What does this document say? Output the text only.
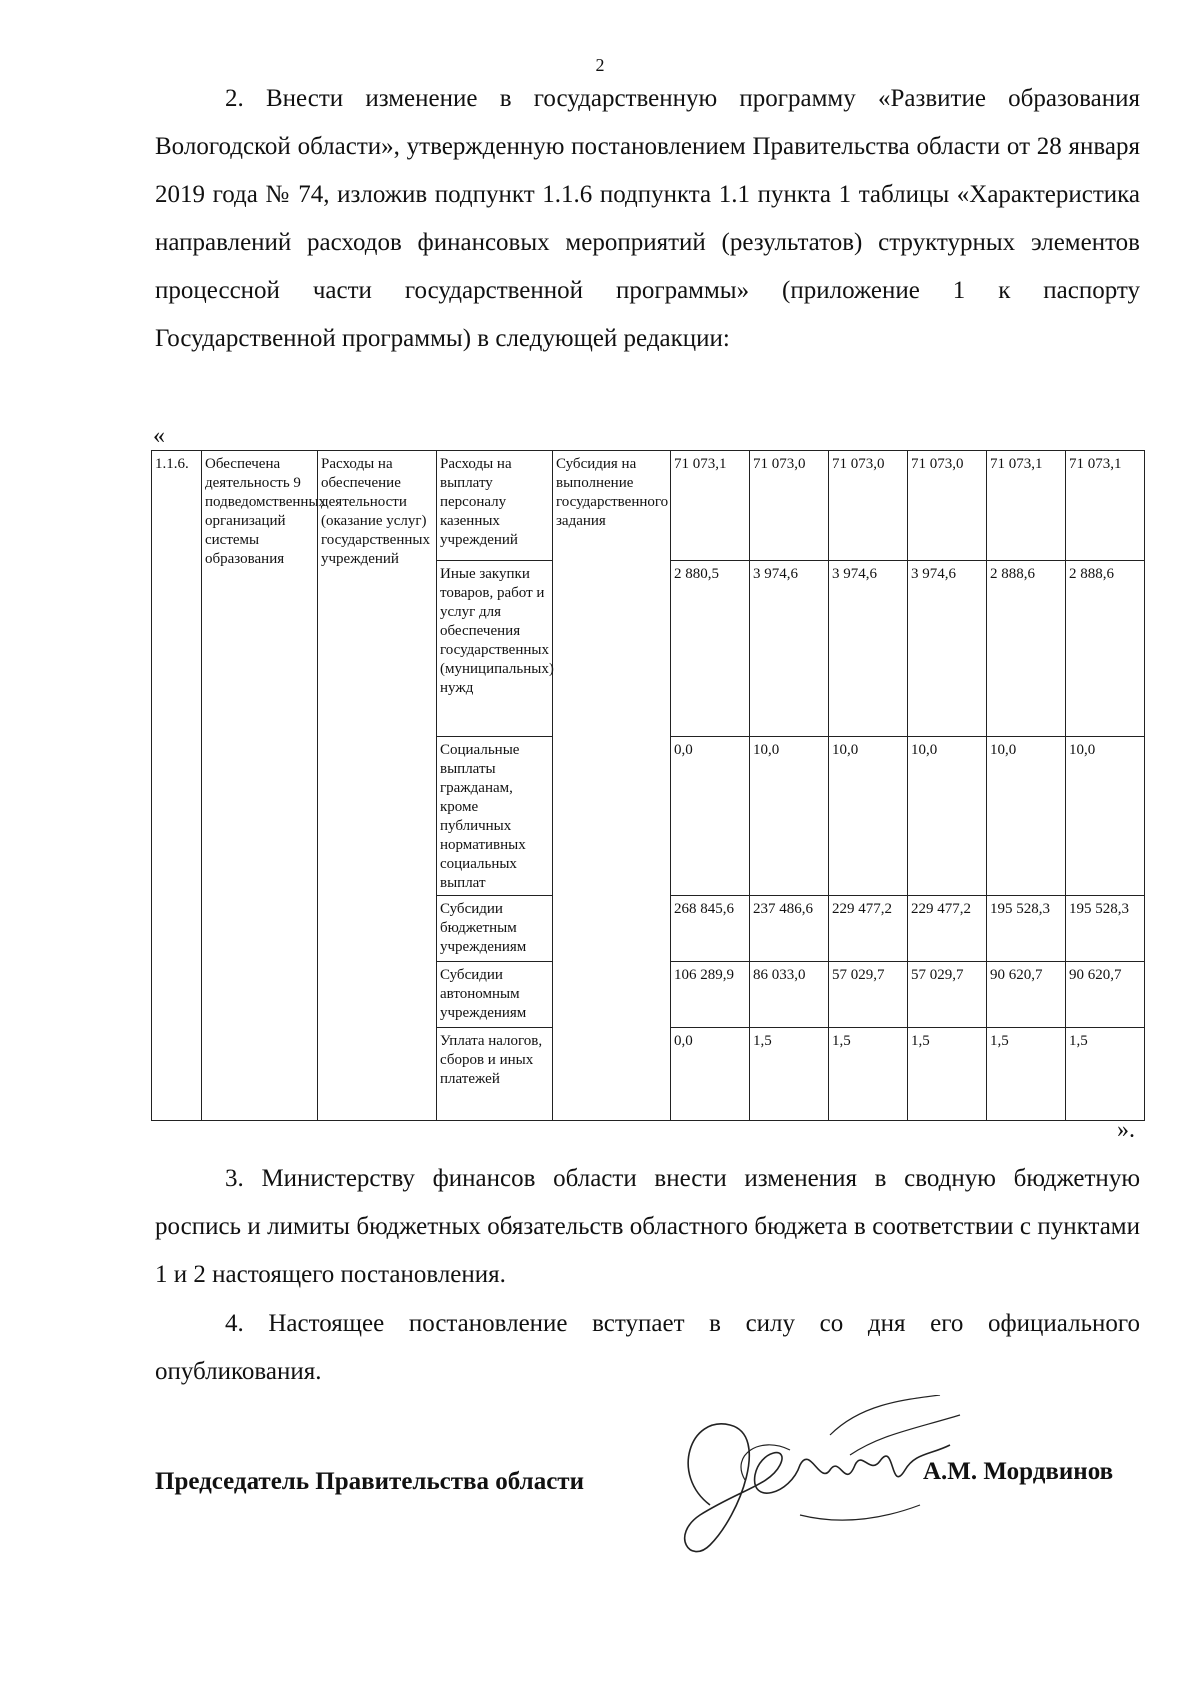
2

2. Внести изменение в государственную программу «Развитие образования Вологодской области», утвержденную постановлением Правительства области от 28 января 2019 года № 74, изложив подпункт 1.1.6 подпункта 1.1 пункта 1 таблицы «Характеристика направлений расходов финансовых мероприятий (результатов) структурных элементов процессной части государственной программы» (приложение 1 к паспорту Государственной программы) в следующей редакции:

«
1.1.6.	Обеспечена деятельность 9 подведомственных организаций системы образования	Расходы на обеспечение деятельности (оказание услуг) государственных учреждений	Расходы на выплату персоналу казенных учреждений	Субсидия на выполнение государственного задания	71 073,1	71 073,0	71 073,0	71 073,0	71 073,1	71 073,1
			Иные закупки товаров, работ и услуг для обеспечения государственных (муниципальных) нужд		2 880,5	3 974,6	3 974,6	3 974,6	2 888,6	2 888,6
			Социальные выплаты гражданам, кроме публичных нормативных социальных выплат		0,0	10,0	10,0	10,0	10,0	10,0
			Субсидии бюджетным учреждениям		268 845,6	237 486,6	229 477,2	229 477,2	195 528,3	195 528,3
			Субсидии автономным учреждениям		106 289,9	86 033,0	57 029,7	57 029,7	90 620,7	90 620,7
			Уплата налогов, сборов и иных платежей		0,0	1,5	1,5	1,5	1,5	1,5
».

3. Министерству финансов области внести изменения в сводную бюджетную роспись и лимиты бюджетных обязательств областного бюджета в соответствии с пунктами 1 и 2 настоящего постановления.

4. Настоящее постановление вступает в силу со дня его официального опубликования.

Председатель Правительства области	А.М. Мордвинов
